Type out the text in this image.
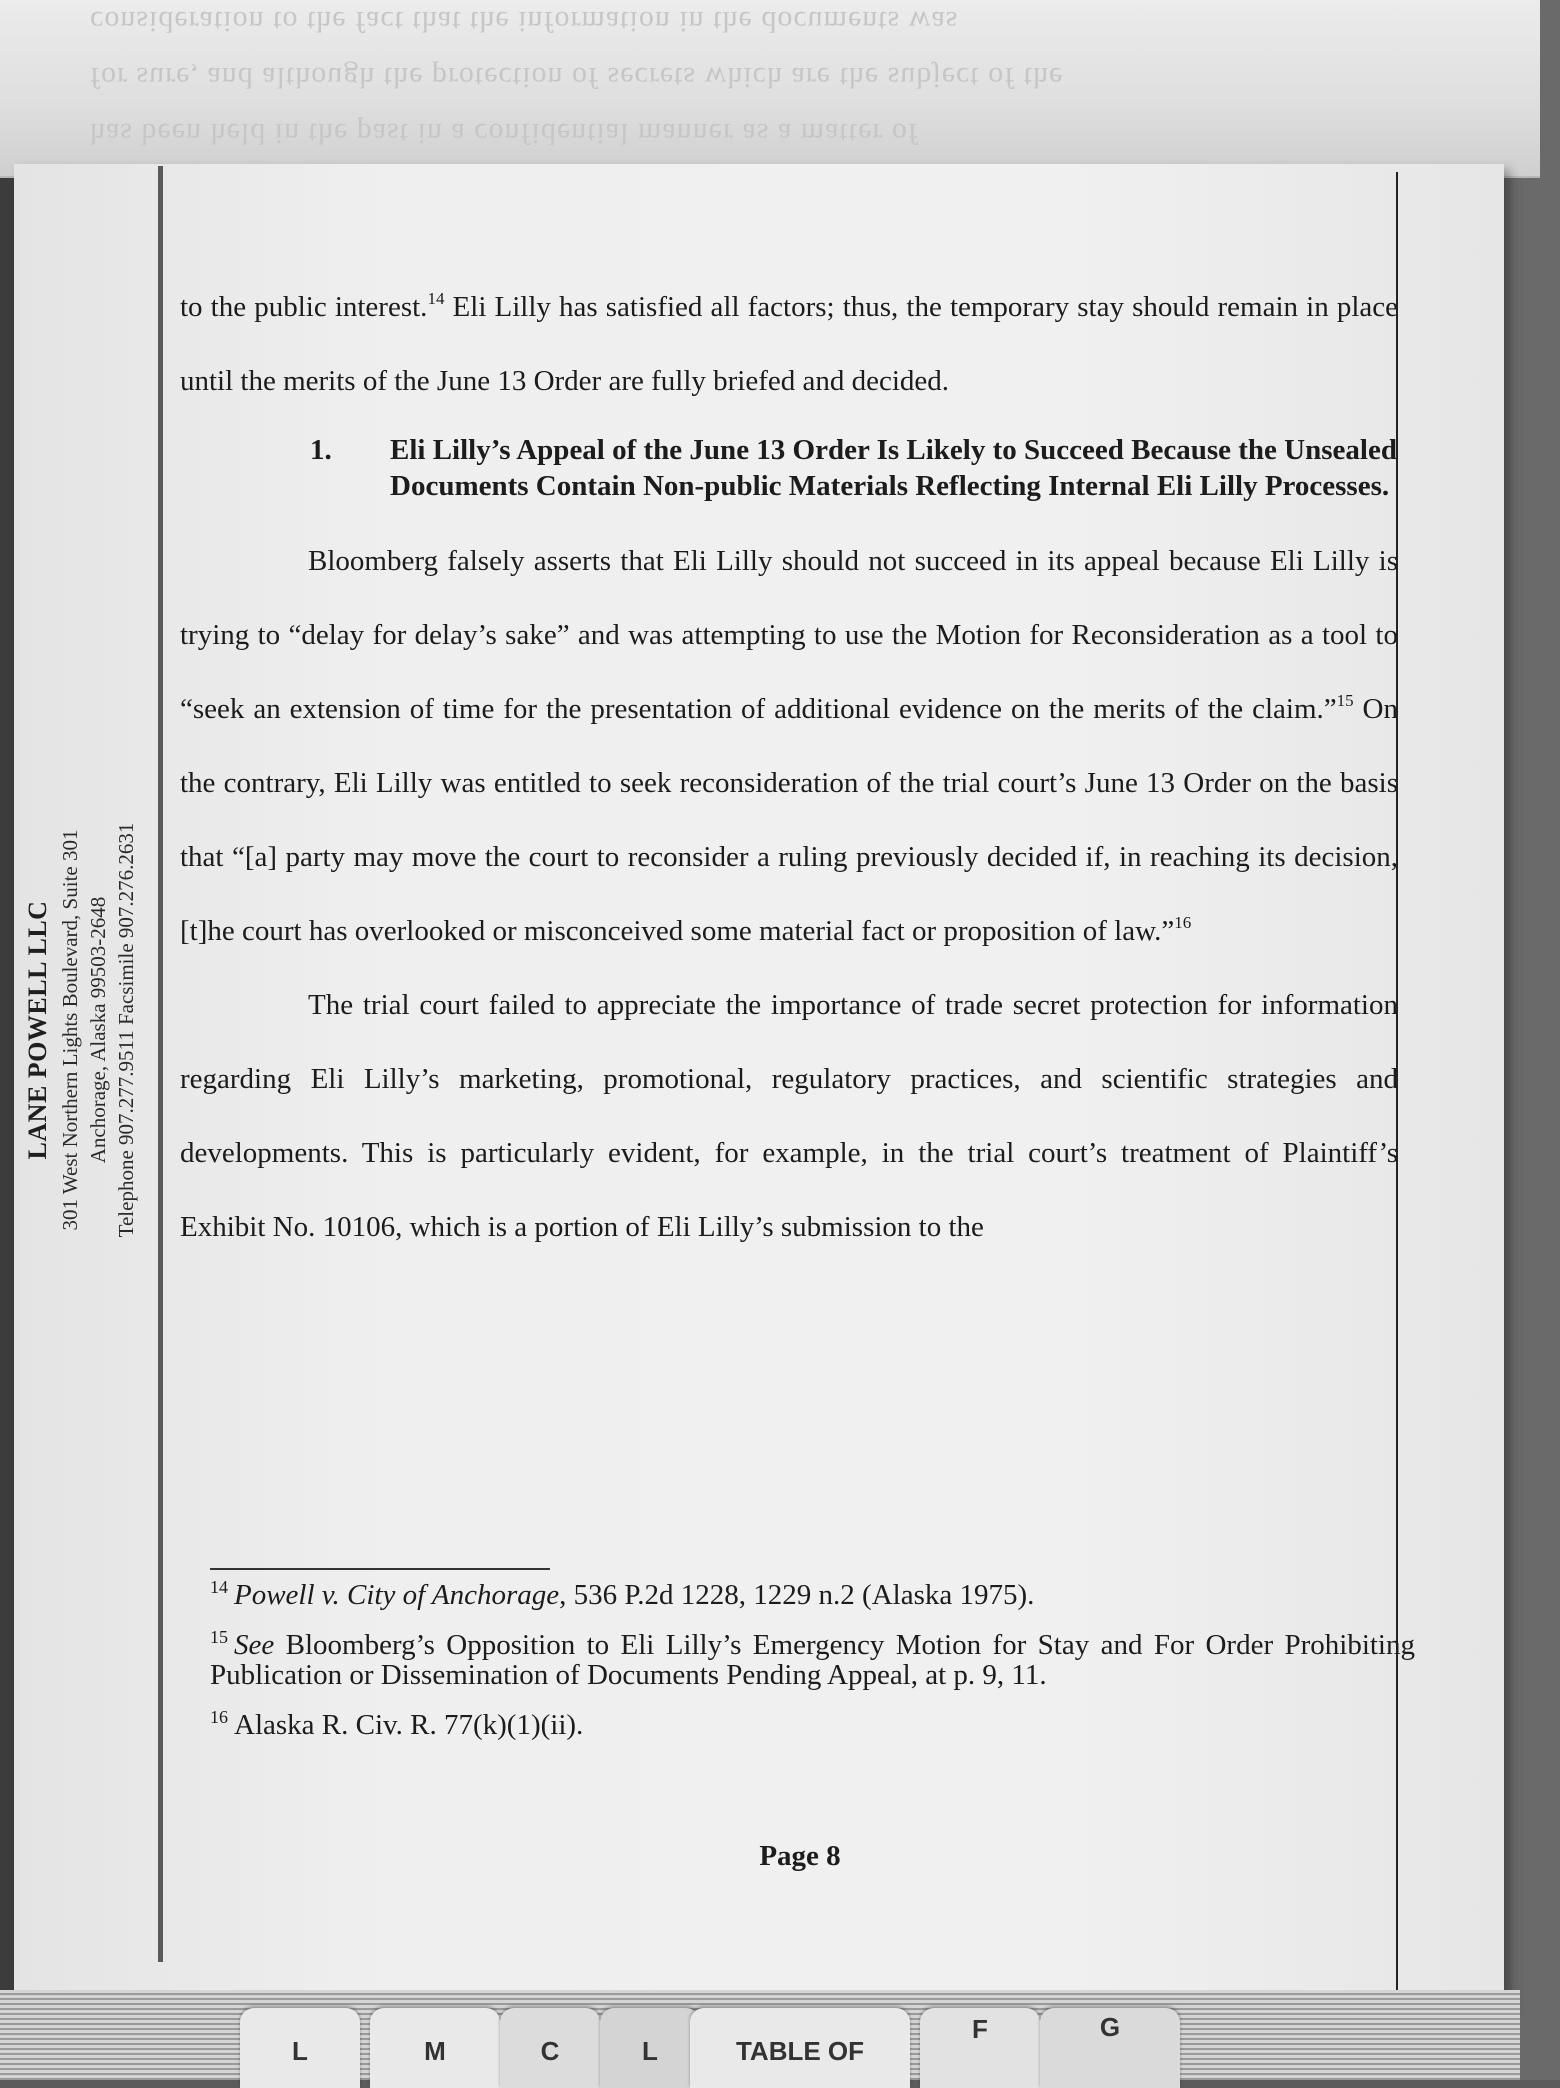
consideration to the fact that the information in the documents was
for sure, and although the protection of secrets which are the subject of the
has been held in the past in a confidential manner as a matter of
LANE POWELL LLC 301 West Northern Lights Boulevard, Suite 301 Anchorage, Alaska 99503-2648 Telephone 907.277.9511 Facsimile 907.276.2631

to the public interest.$^{14}$ Eli Lilly has satisfied all factors; thus, the temporary stay should remain in place until the merits of the June 13 Order are fully briefed and decided.

1.	Eli Lilly’s Appeal of the June 13 Order Is Likely to Succeed Because the Unsealed Documents Contain Non-public Materials Reflecting Internal Eli Lilly Processes.

Bloomberg falsely asserts that Eli Lilly should not succeed in its appeal because Eli Lilly is trying to “delay for delay’s sake” and was attempting to use the Motion for Reconsideration as a tool to “seek an extension of time for the presentation of additional evidence on the merits of the claim.”$^{15}$ On the contrary, Eli Lilly was entitled to seek reconsideration of the trial court’s June 13 Order on the basis that “[a] party may move the court to reconsider a ruling previously decided if, in reaching its decision, [t]he court has overlooked or misconceived some material fact or proposition of law.”$^{16}$

The trial court failed to appreciate the importance of trade secret protection for information regarding Eli Lilly’s marketing, promotional, regulatory practices, and scientific strategies and developments. This is particularly evident, for example, in the trial court’s treatment of Plaintiff’s Exhibit No. 10106, which is a portion of Eli Lilly’s submission to the

$^{14}$ Powell v. City of Anchorage, 536 P.2d 1228, 1229 n.2 (Alaska 1975).

$^{15}$ See Bloomberg’s Opposition to Eli Lilly’s Emergency Motion for Stay and For Order Prohibiting Publication or Dissemination of Documents Pending Appeal, at p. 9, 11.

$^{16}$ Alaska R. Civ. R. 77(k)(1)(ii).

Page 8
L	M	C	L	TABLE OF
F	G
